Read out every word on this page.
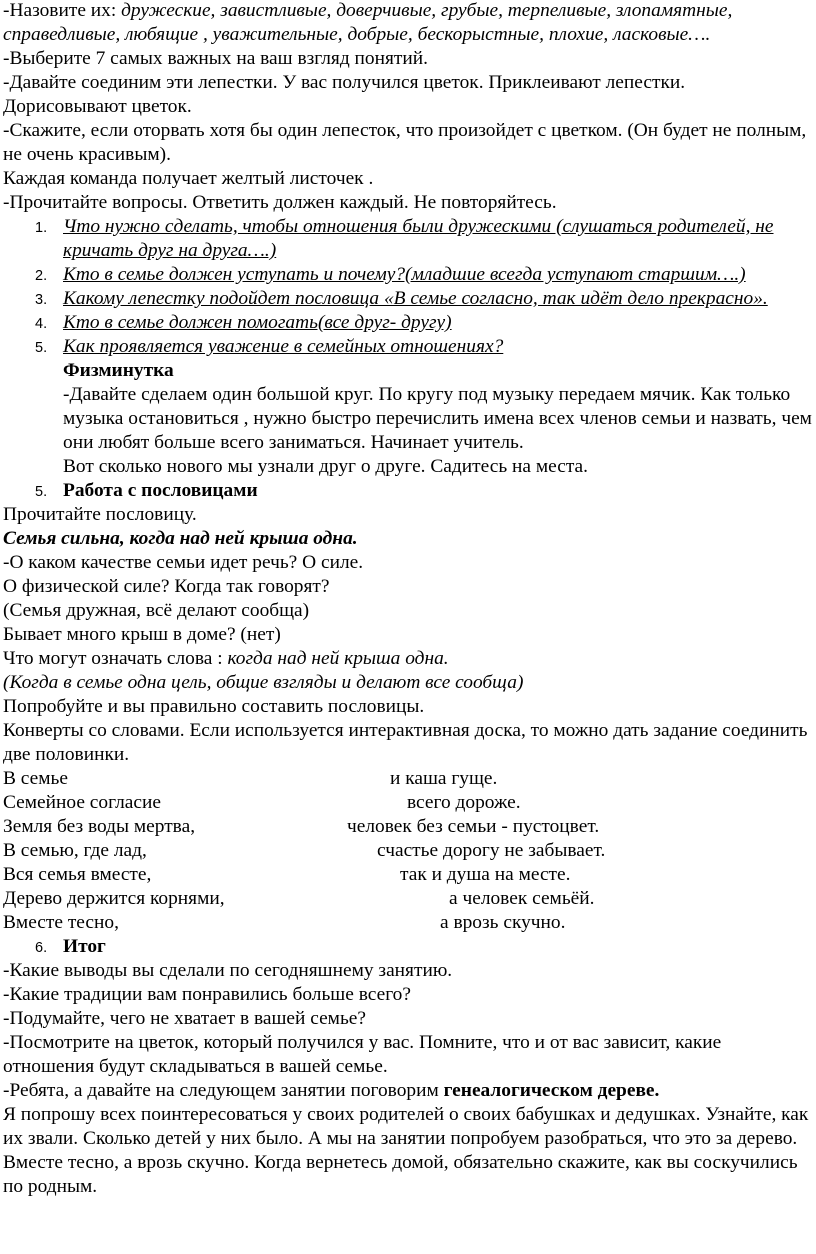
-Назовите их: дружеские, завистливые, доверчивые, грубые, терпеливые, злопамятные, справедливые, любящие , уважительные, добрые, бескорыстные, плохие, ласковые….

-Выберите 7 самых важных на ваш взгляд понятий.

-Давайте соединим эти лепестки. У вас получился цветок. Приклеивают лепестки. Дорисовывают цветок.

-Скажите, если оторвать хотя бы один лепесток, что произойдет с цветком. (Он будет не полным, не очень красивым).

Каждая команда получает желтый листочек .

-Прочитайте вопросы. Ответить должен каждый. Не повторяйтесь.

1. Что нужно сделать, чтобы отношения были дружескими (слушаться родителей, не кричать друг на друга….)
2. Кто в семье должен уступать и почему?(младшие всегда уступают старшим….)
3. Какому лепестку подойдет пословица «В семье согласно, так идёт дело прекрасно».
4. Кто в семье должен помогать(все друг- другу)
5. Как проявляется уважение в семейных отношениях?

Физминутка

-Давайте сделаем один большой круг. По кругу под музыку передаем мячик. Как только музыка остановиться , нужно быстро перечислить имена всех членов семьи и назвать, чем они любят больше всего заниматься. Начинает учитель.

Вот сколько нового мы узнали друг о друге. Садитесь на места.

5. Работа с пословицами

Прочитайте пословицу.

Семья сильна, когда над ней крыша одна.

-О каком качестве семьи идет речь? О силе.

О физической силе? Когда так говорят?

(Семья дружная, всё делают сообща)

Бывает много крыш в доме? (нет)

Что могут означать слова : когда над ней крыша одна.

(Когда в семье одна цель, общие взгляды и делают все сообща)

Попробуйте и вы правильно составить пословицы.

Конверты со словами. Если используется интерактивная доска, то можно дать задание соединить две половинки.

В семье	и каша гуще.
Семейное согласие	всего дороже.
Земля без воды мертва,	человек без семьи - пустоцвет.
В семью, где лад,	счастье дорогу не забывает.
Вся семья вместе,	так и душа на месте.
Дерево держится корнями,	а человек семьёй.
Вместе тесно,	а врозь скучно.
6. Итог

-Какие выводы вы сделали по сегодняшнему занятию.

-Какие традиции вам понравились больше всего?

-Подумайте, чего не хватает в вашей семье?

-Посмотрите на цветок, который получился у вас. Помните, что и от вас зависит, какие отношения будут складываться в вашей семье.

-Ребята, а давайте на следующем занятии поговорим генеалогическом дереве.

Я попрошу всех поинтересоваться у своих родителей о своих бабушках и дедушках. Узнайте, как их звали. Сколько детей у них было. А мы на занятии попробуем разобраться, что это за дерево.

Вместе тесно, а врозь скучно. Когда вернетесь домой, обязательно скажите, как вы соскучились по родным.
